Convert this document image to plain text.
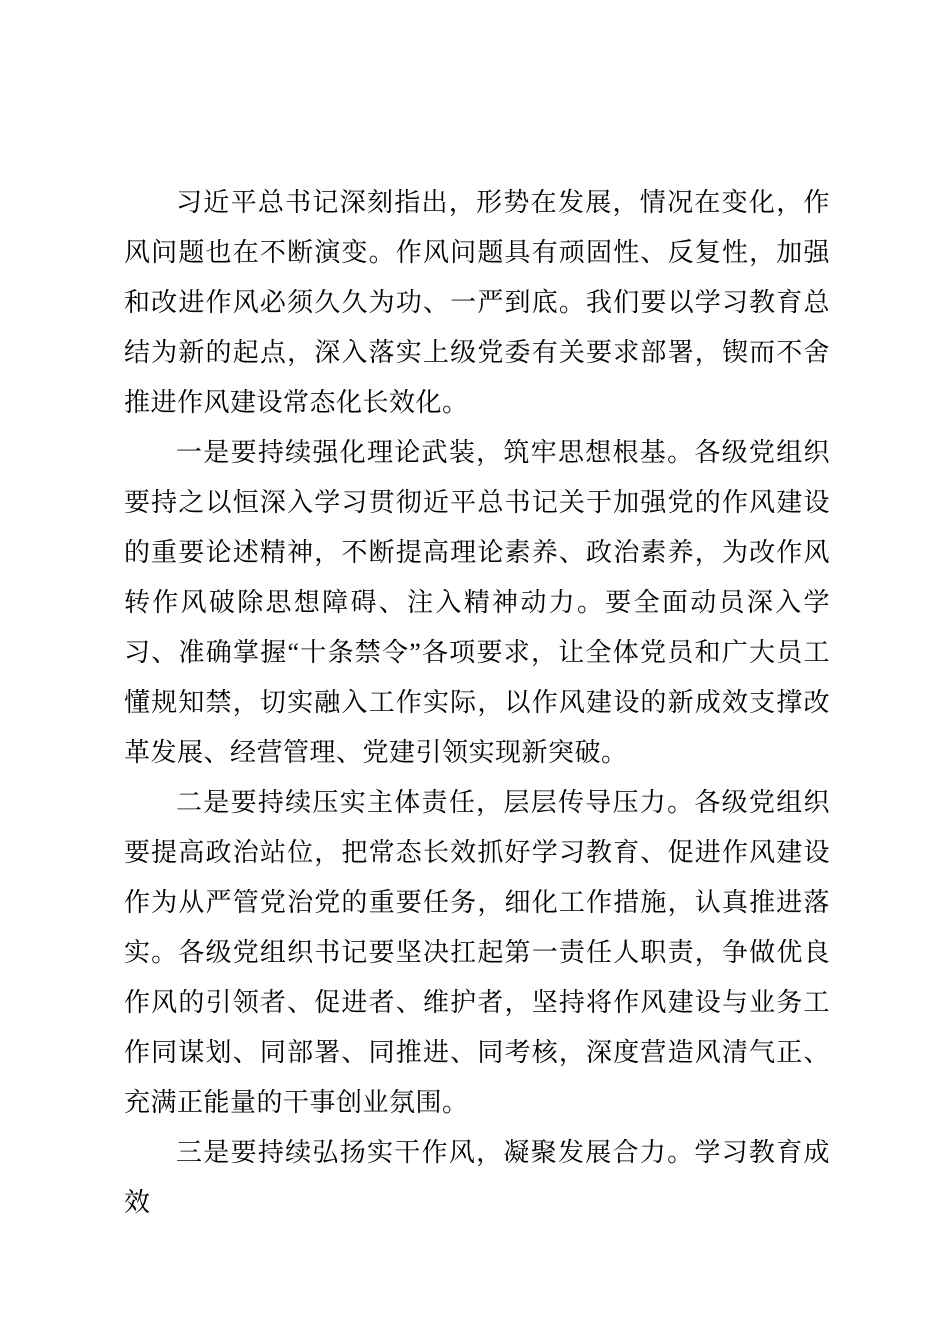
习近平总书记深刻指出，形势在发展，情况在变化，作风问题也在不断演变。作风问题具有顽固性、反复性，加强和改进作风必须久久为功、一严到底。我们要以学习教育总结为新的起点，深入落实上级党委有关要求部署，锲而不舍推进作风建设常态化长效化。

一是要持续强化理论武装，筑牢思想根基。各级党组织要持之以恒深入学习贯彻近平总书记关于加强党的作风建设的重要论述精神，不断提高理论素养、政治素养，为改作风转作风破除思想障碍、注入精神动力。要全面动员深入学习、准确掌握“十条禁令”各项要求，让全体党员和广大员工懂规知禁，切实融入工作实际，以作风建设的新成效支撑改革发展、经营管理、党建引领实现新突破。

二是要持续压实主体责任，层层传导压力。各级党组织要提高政治站位，把常态长效抓好学习教育、促进作风建设作为从严管党治党的重要任务，细化工作措施，认真推进落实。各级党组织书记要坚决扛起第一责任人职责，争做优良作风的引领者、促进者、维护者，坚持将作风建设与业务工作同谋划、同部署、同推进、同考核，深度营造风清气正、充满正能量的干事创业氛围。

三是要持续弘扬实干作风，凝聚发展合力。学习教育成效
